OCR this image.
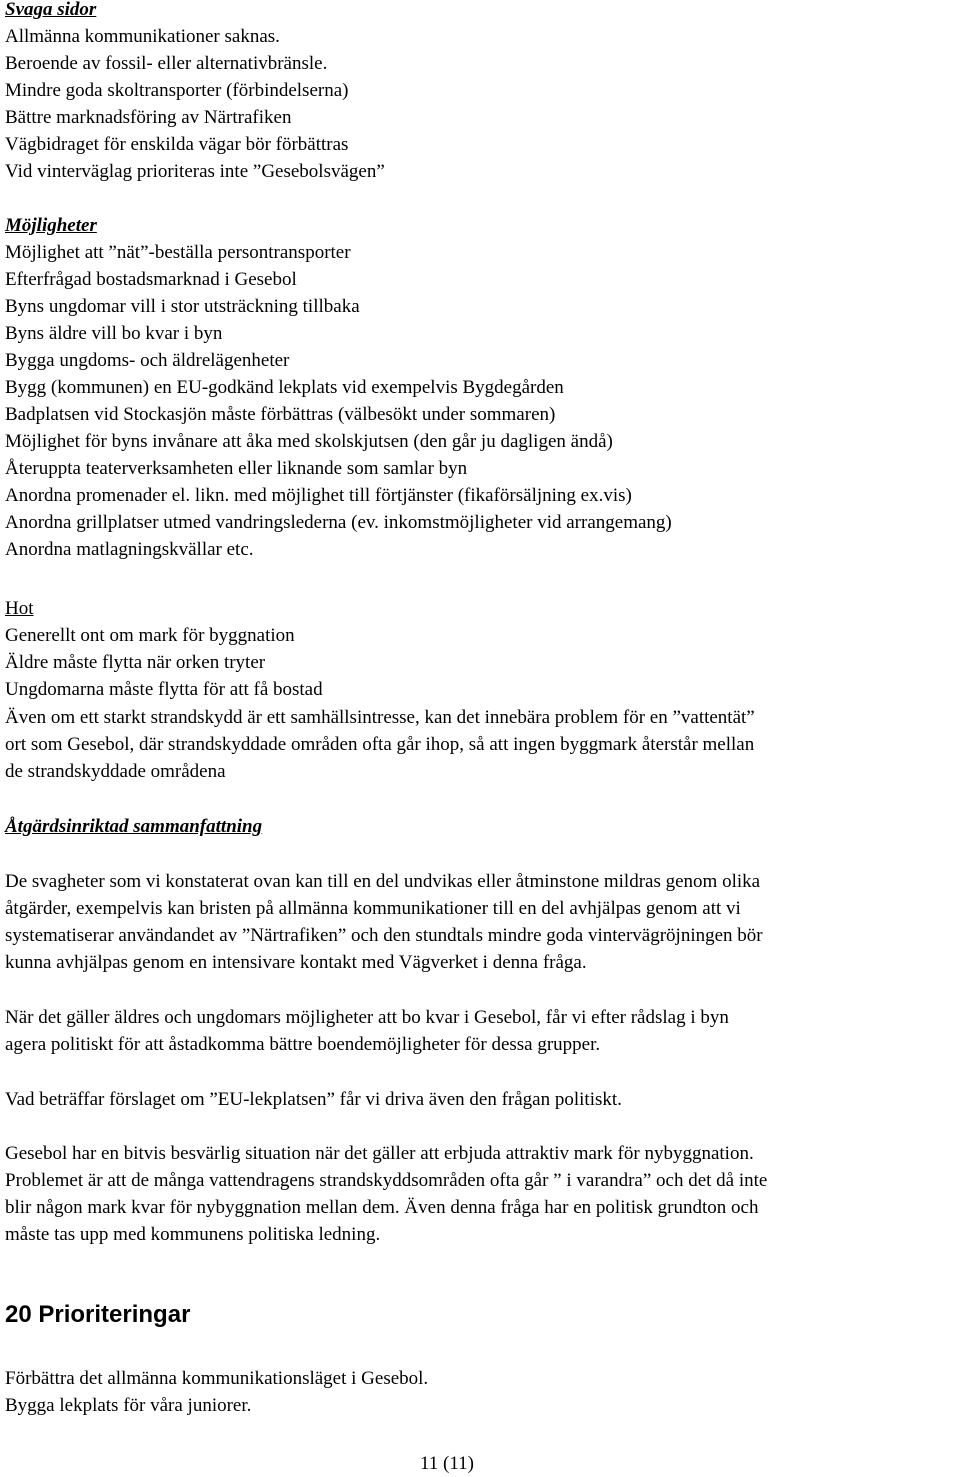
Svaga sidor
Allmänna kommunikationer saknas.
Beroende av fossil- eller alternativbränsle.
Mindre goda skoltransporter (förbindelserna)
Bättre marknadsföring av Närtrafiken
Vägbidraget för enskilda vägar bör förbättras
Vid vinterväglag prioriteras inte ”Gesebolsvägen”
Möjligheter
Möjlighet att ”nät”-beställa persontransporter
Efterfrågad bostadsmarknad i Gesebol
Byns ungdomar vill i stor utsträckning tillbaka
Byns äldre vill bo kvar i byn
Bygga ungdoms- och äldrelägenheter
Bygg (kommunen) en EU-godkänd lekplats vid exempelvis Bygdegården
Badplatsen vid Stockasjön måste förbättras (välbesökt under sommaren)
Möjlighet för byns invånare att åka med skolskjutsen (den går ju dagligen ändå)
Återuppta teaterverksamheten eller liknande som samlar byn
Anordna promenader el. likn. med möjlighet till förtjänster (fikaförsäljning ex.vis)
Anordna grillplatser utmed vandringslederna (ev. inkomstmöjligheter vid arrangemang)
Anordna matlagningskvällar etc.
Hot
Generellt ont om mark för byggnation
Äldre måste flytta när orken tryter
Ungdomarna måste flytta för att få bostad
Även om ett starkt strandskydd är ett samhällsintresse, kan det innebära problem för en ”vattentät”
ort som Gesebol, där strandskyddade områden ofta går ihop, så att ingen byggmark återstår mellan
de strandskyddade områdena
Åtgärdsinriktad sammanfattning
De svagheter som vi konstaterat ovan kan till en del undvikas eller åtminstone mildras genom olika
åtgärder, exempelvis kan bristen på allmänna kommunikationer till en del avhjälpas genom att vi
systematiserar användandet av ”Närtrafiken” och den stundtals mindre goda vintervägröjningen bör
kunna avhjälpas genom en intensivare kontakt med Vägverket i denna fråga.
När det gäller äldres och ungdomars möjligheter att bo kvar i Gesebol, får vi efter rådslag i byn
agera politiskt för att åstadkomma bättre boendemöjligheter för dessa grupper.
Vad beträffar förslaget om ”EU-lekplatsen” får vi driva även den frågan politiskt.
Gesebol har en bitvis besvärlig situation när det gäller att erbjuda attraktiv mark för nybyggnation.
Problemet är att de många vattendragens strandskyddsområden ofta går ” i varandra” och det då inte
blir någon mark kvar för nybyggnation mellan dem. Även denna fråga har en politisk grundton och
måste tas upp med kommunens politiska ledning.
20 Prioriteringar
Förbättra det allmänna kommunikationsläget i Gesebol.
Bygga lekplats för våra juniorer.
11 (11)
